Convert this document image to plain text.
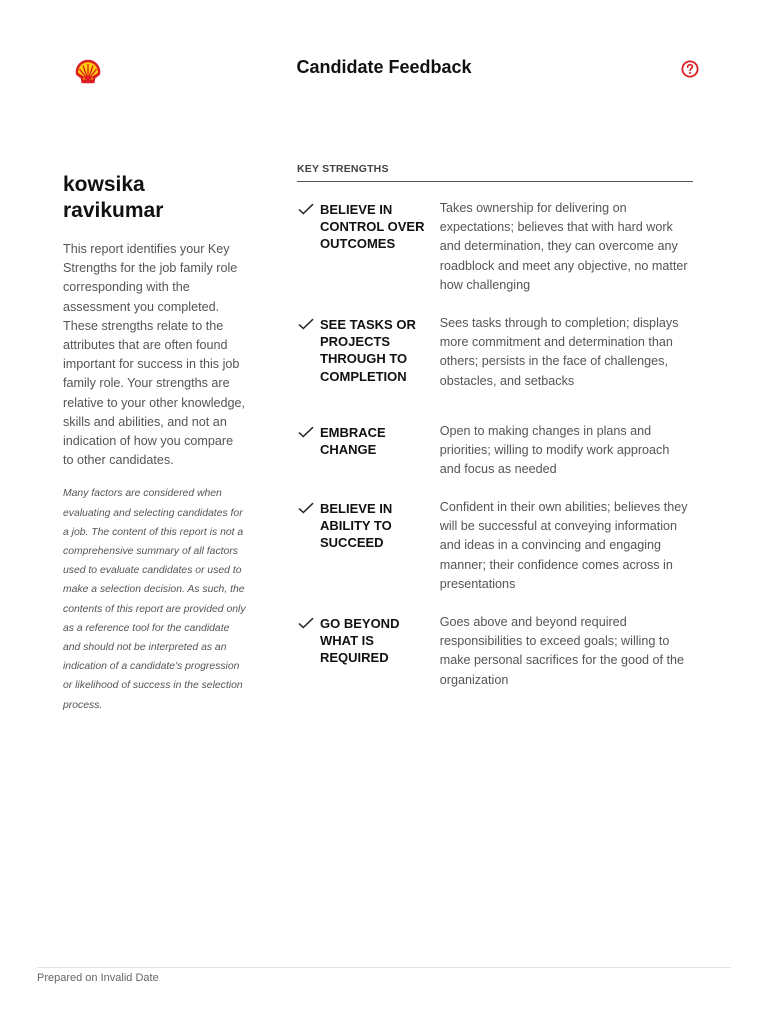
Candidate Feedback
kowsika ravikumar

This report identifies your Key Strengths for the job family role corresponding with the assessment you completed. These strengths relate to the attributes that are often found important for success in this job family role. Your strengths are relative to your other knowledge, skills and abilities, and not an indication of how you compare to other candidates.

Many factors are considered when evaluating and selecting candidates for a job. The content of this report is not a comprehensive summary of all factors used to evaluate candidates or used to make a selection decision. As such, the contents of this report are provided only as a reference tool for the candidate and should not be interpreted as an indication of a candidate's progression or likelihood of success in the selection process.

KEY STRENGTHS
BELIEVE IN CONTROL OVER OUTCOMES
Takes ownership for delivering on expectations; believes that with hard work and determination, they can overcome any roadblock and meet any objective, no matter how challenging
SEE TASKS OR PROJECTS THROUGH TO COMPLETION
Sees tasks through to completion; displays more commitment and determination than others; persists in the face of challenges, obstacles, and setbacks
EMBRACE CHANGE
Open to making changes in plans and priorities; willing to modify work approach and focus as needed
BELIEVE IN ABILITY TO SUCCEED
Confident in their own abilities; believes they will be successful at conveying information and ideas in a convincing and engaging manner; their confidence comes across in presentations
GO BEYOND WHAT IS REQUIRED
Goes above and beyond required responsibilities to exceed goals; willing to make personal sacrifices for the good of the organization
Prepared on Invalid Date
